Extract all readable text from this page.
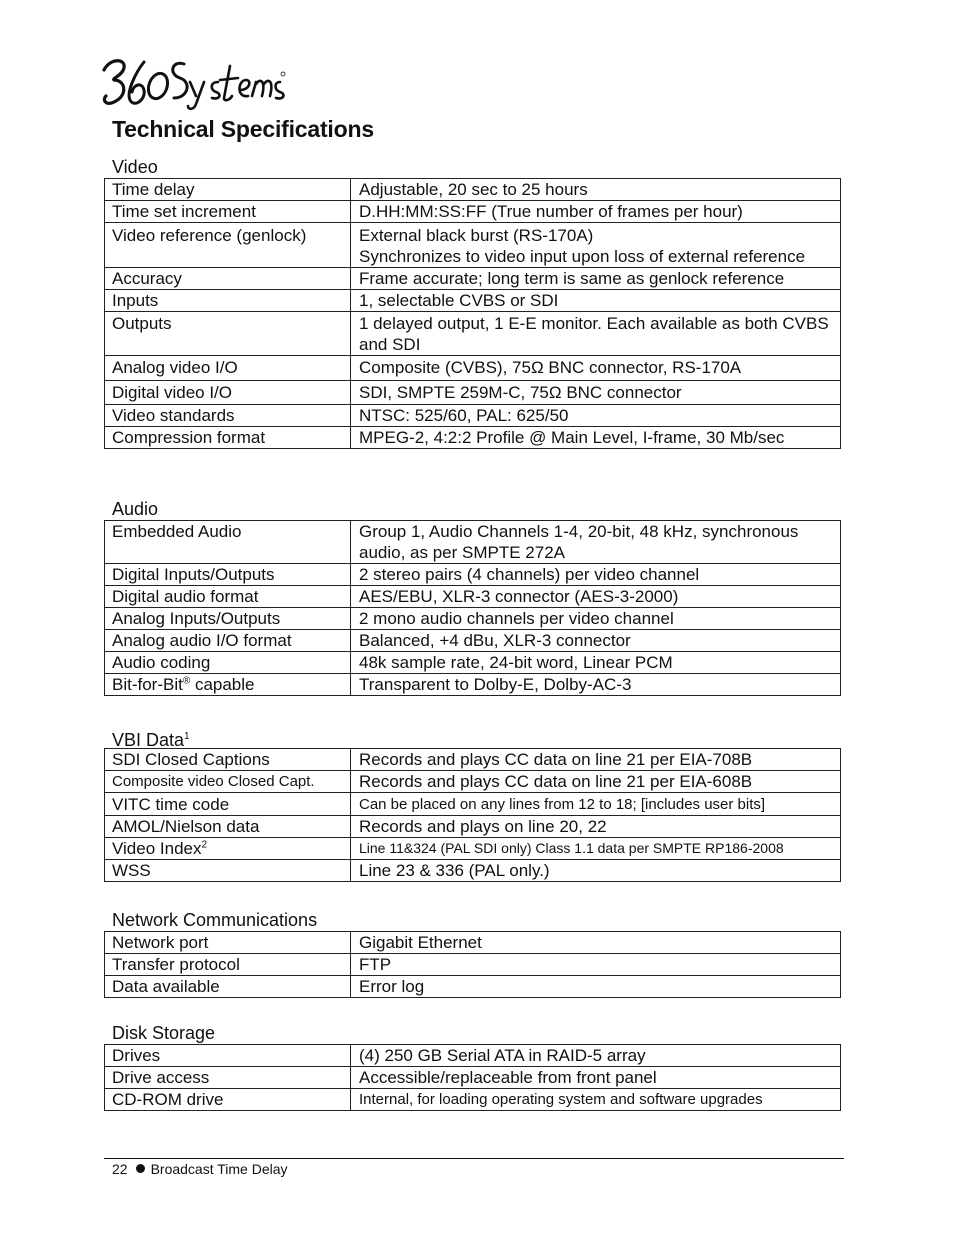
Technical Specifications
Video
Time delay	Adjustable, 20 sec to 25 hours
Time set increment	D.HH:MM:SS:FF (True number of frames per hour)
Video reference (genlock)	External black burst (RS-170A)
Synchronizes to video input upon loss of external reference
Accuracy	Frame accurate; long term is same as genlock reference
Inputs	1, selectable CVBS or SDI
Outputs	1 delayed output, 1 E-E monitor. Each available as both CVBS and SDI
Analog video I/O	Composite (CVBS), 75Ω BNC connector, RS-170A
Digital video I/O	SDI, SMPTE 259M-C, 75Ω BNC connector
Video standards	NTSC: 525/60, PAL: 625/50
Compression format	MPEG-2, 4:2:2 Profile @ Main Level, I-frame, 30 Mb/sec
Audio
Embedded Audio	Group 1, Audio Channels 1-4, 20-bit, 48 kHz, synchronous audio, as per SMPTE 272A
Digital Inputs/Outputs	2 stereo pairs (4 channels) per video channel
Digital audio format	AES/EBU, XLR-3 connector (AES-3-2000)
Analog Inputs/Outputs	2 mono audio channels per video channel
Analog audio I/O format	Balanced, +4 dBu, XLR-3 connector
Audio coding	48k sample rate, 24-bit word, Linear PCM
Bit-for-Bit® capable	Transparent to Dolby-E, Dolby-AC-3
VBI Data$^1$
SDI Closed Captions	Records and plays CC data on line 21 per EIA-708B
Composite video Closed Capt.	Records and plays CC data on line 21 per EIA-608B
VITC time code	Can be placed on any lines from 12 to 18; [includes user bits]
AMOL/Nielson data	Records and plays on line 20, 22
Video Index$^2$	Line 11&324 (PAL SDI only) Class 1.1 data per SMPTE RP186-2008
WSS	Line 23 & 336 (PAL only.)
Network Communications
Network port	Gigabit Ethernet
Transfer protocol	FTP
Data available	Error log
Disk Storage
Drives	(4) 250 GB Serial ATA in RAID-5 array
Drive access	Accessible/replaceable from front panel
CD-ROM drive	Internal, for loading operating system and software upgrades
22 Broadcast Time Delay
